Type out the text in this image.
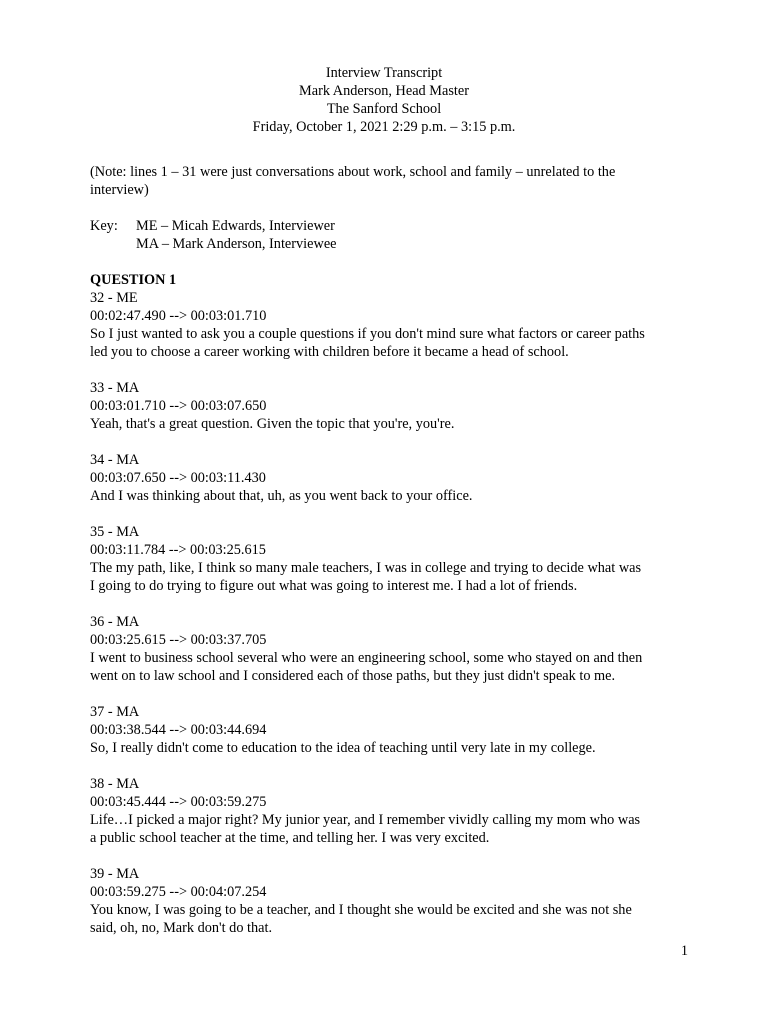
Interview Transcript
Mark Anderson, Head Master
The Sanford School
Friday, October 1, 2021 2:29 p.m. – 3:15 p.m.
(Note: lines 1 – 31 were just conversations about work, school and family – unrelated to the
interview)
Key: ME – Micah Edwards, Interviewer
MA – Mark Anderson, Interviewee
QUESTION 1
32 - ME
00:02:47.490 --> 00:03:01.710
So I just wanted to ask you a couple questions if you don't mind sure what factors or career paths
led you to choose a career working with children before it became a head of school.
33 - MA
00:03:01.710 --> 00:03:07.650
Yeah, that's a great question. Given the topic that you're, you're.
34 - MA
00:03:07.650 --> 00:03:11.430
And I was thinking about that, uh, as you went back to your office.
35 - MA
00:03:11.784 --> 00:03:25.615
The my path, like, I think so many male teachers, I was in college and trying to decide what was
I going to do trying to figure out what was going to interest me. I had a lot of friends.
36 - MA
00:03:25.615 --> 00:03:37.705
I went to business school several who were an engineering school, some who stayed on and then
went on to law school and I considered each of those paths, but they just didn't speak to me.
37 - MA
00:03:38.544 --> 00:03:44.694
So, I really didn't come to education to the idea of teaching until very late in my college.
38 - MA
00:03:45.444 --> 00:03:59.275
Life…I picked a major right? My junior year, and I remember vividly calling my mom who was
a public school teacher at the time, and telling her. I was very excited.
39 - MA
00:03:59.275 --> 00:04:07.254
You know, I was going to be a teacher, and I thought she would be excited and she was not she
said, oh, no, Mark don't do that.
1
